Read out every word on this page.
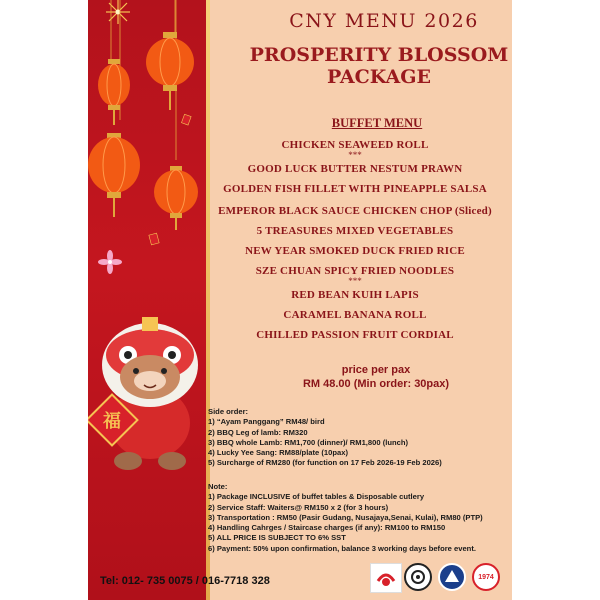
福
CNY MENU 2026
PROSPERITY BLOSSOM
PACKAGE
BUFFET MENU
CHICKEN SEAWEED ROLL
***
GOOD LUCK BUTTER NESTUM PRAWN
GOLDEN FISH FILLET WITH PINEAPPLE SALSA
EMPEROR BLACK SAUCE CHICKEN CHOP (Sliced)
5 TREASURES MIXED VEGETABLES
NEW YEAR SMOKED DUCK FRIED RICE
SZE CHUAN SPICY FRIED NOODLES
***
RED BEAN KUIH LAPIS
CARAMEL BANANA ROLL
CHILLED PASSION FRUIT CORDIAL
price per pax
RM 48.00 (Min order: 30pax)
Side order:
1) “Ayam Panggang” RM48/ bird
2) BBQ Leg of lamb: RM320
3) BBQ whole Lamb: RM1,700 (dinner)/ RM1,800 (lunch)
4) Lucky Yee Sang: RM88/plate (10pax)
5) Surcharge of RM280 (for function on 17 Feb 2026-19 Feb 2026)
Note:
1) Package INCLUSIVE of buffet tables & Disposable cutlery
2) Service Staff: Waiters@ RM150 x 2 (for 3 hours)
3) Transportation : RM50 (Pasir Gudang, Nusajaya,Senai, Kulai), RM80 (PTP)
4) Handling Cahrges / Staircase charges (if any): RM100 to RM150
5) ALL PRICE IS SUBJECT TO 6% SST
6) Payment: 50% upon confirmation, balance 3 working days before event.
Tel: 012- 735 0075 / 016-7718 328	1974
